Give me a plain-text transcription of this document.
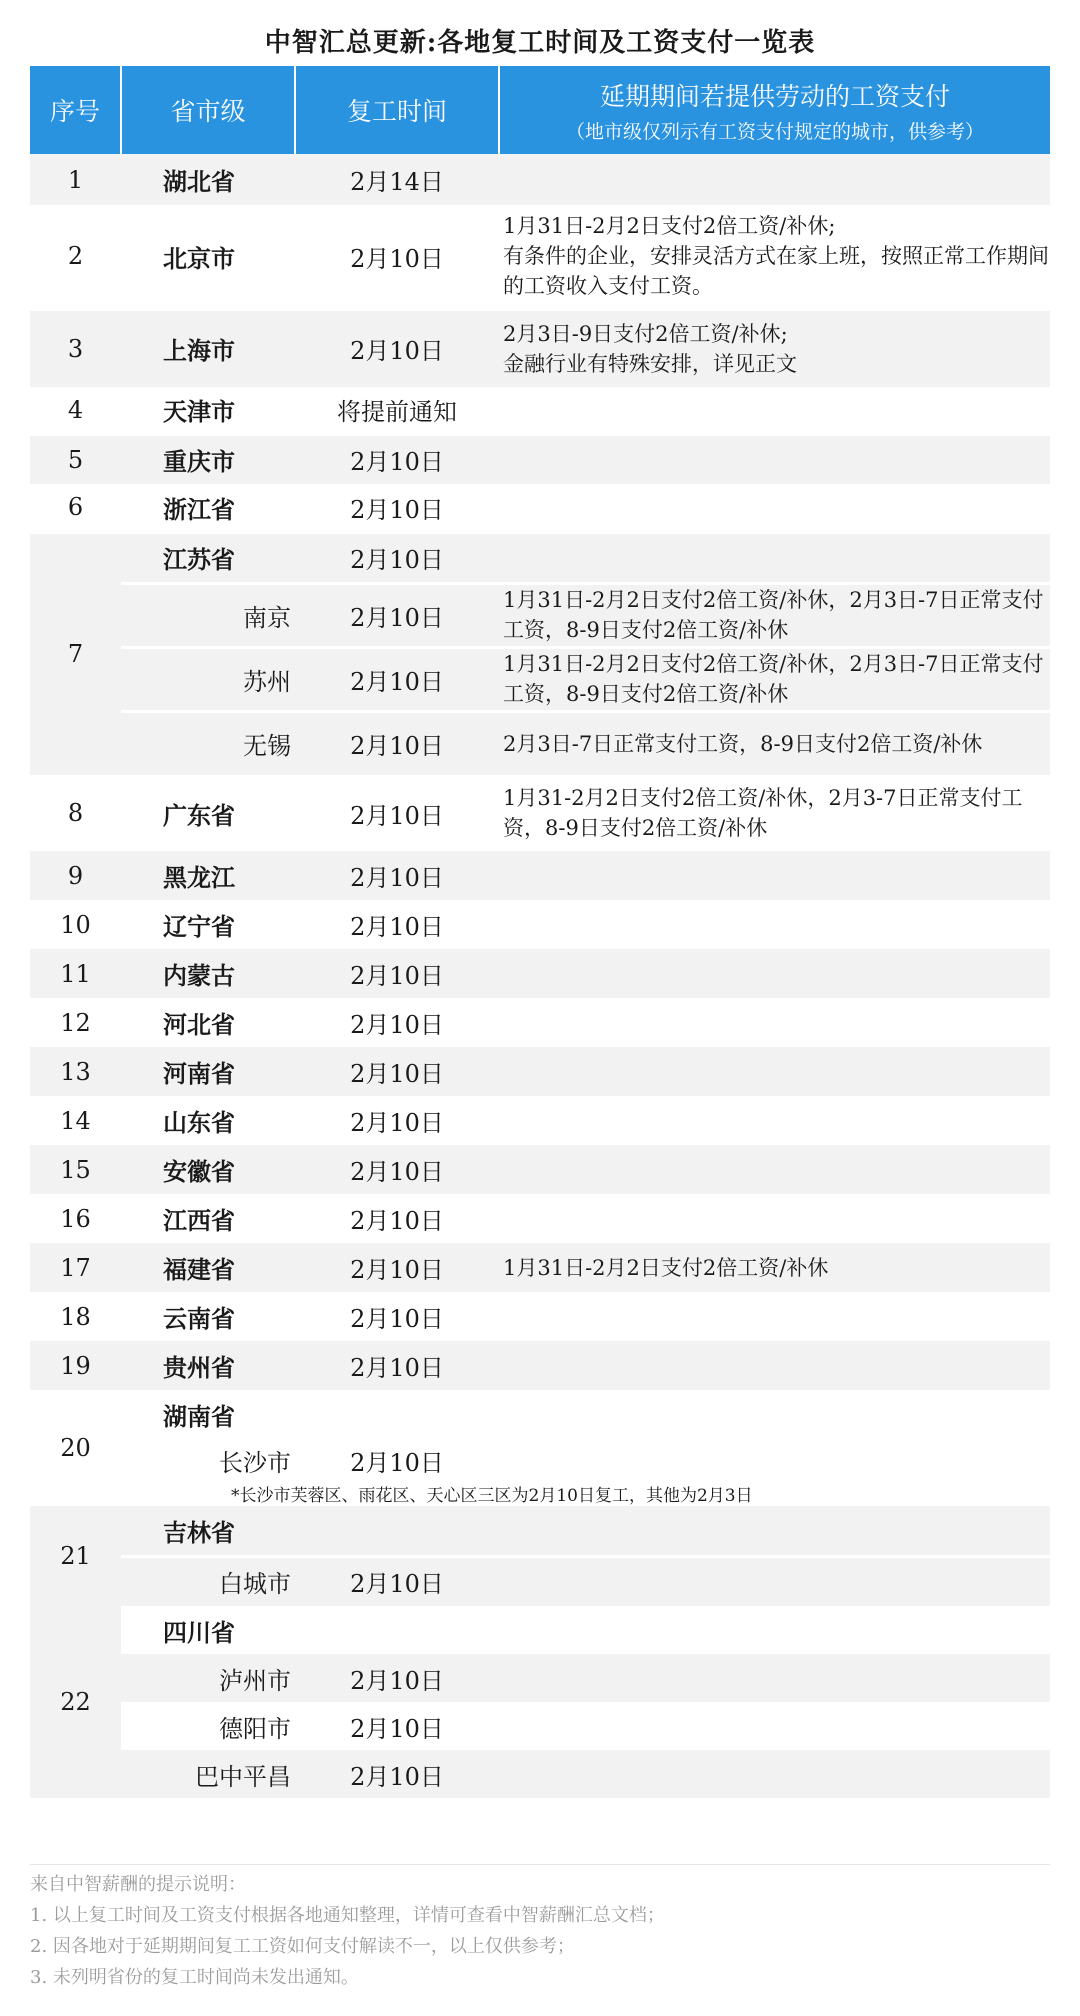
中智汇总更新:各地复工时间及工资支付一览表
序号	省市级	复工时间	延期期间若提供劳动的工资支付
（地市级仅列示有工资支付规定的城市，供参考）

1	湖北省	2月14日	
2	北京市	2月10日	1月31日-2月2日支付2倍工资/补休;
有条件的企业，安排灵活方式在家上班，按照正常工作期间的工资收入支付工资。
3	上海市	2月10日	2月3日-9日支付2倍工资/补休;
金融行业有特殊安排，详见正文
4	天津市	将提前通知	
5	重庆市	2月10日	
6	浙江省	2月10日	
7	江苏省	2月10日	
	南京	2月10日	1月31日-2月2日支付2倍工资/补休，2月3日-7日正常支付工资，8-9日支付2倍工资/补休
	苏州	2月10日	1月31日-2月2日支付2倍工资/补休，2月3日-7日正常支付工资，8-9日支付2倍工资/补休
	无锡	2月10日	2月3日-7日正常支付工资，8-9日支付2倍工资/补休
8	广东省	2月10日	1月31-2月2日支付2倍工资/补休，2月3-7日正常支付工资，8-9日支付2倍工资/补休
9	黑龙江	2月10日	
10	辽宁省	2月10日	
11	内蒙古	2月10日	
12	河北省	2月10日	
13	河南省	2月10日	
14	山东省	2月10日	
15	安徽省	2月10日	
16	江西省	2月10日	
17	福建省	2月10日	1月31日-2月2日支付2倍工资/补休
18	云南省	2月10日	
19	贵州省	2月10日	
20	湖南省		
	长沙市	2月10日	
	*长沙市芙蓉区、雨花区、天心区三区为2月10日复工，其他为2月3日		
21	吉林省		
	白城市	2月10日	
22	四川省		
	泸州市	2月10日	
	德阳市	2月10日	
	巴中平昌	2月10日	
来自中智薪酬的提示说明：
1. 以上复工时间及工资支付根据各地通知整理，详情可查看中智薪酬汇总文档；
2. 因各地对于延期期间复工工资如何支付解读不一，以上仅供参考；
3. 未列明省份的复工时间尚未发出通知。
